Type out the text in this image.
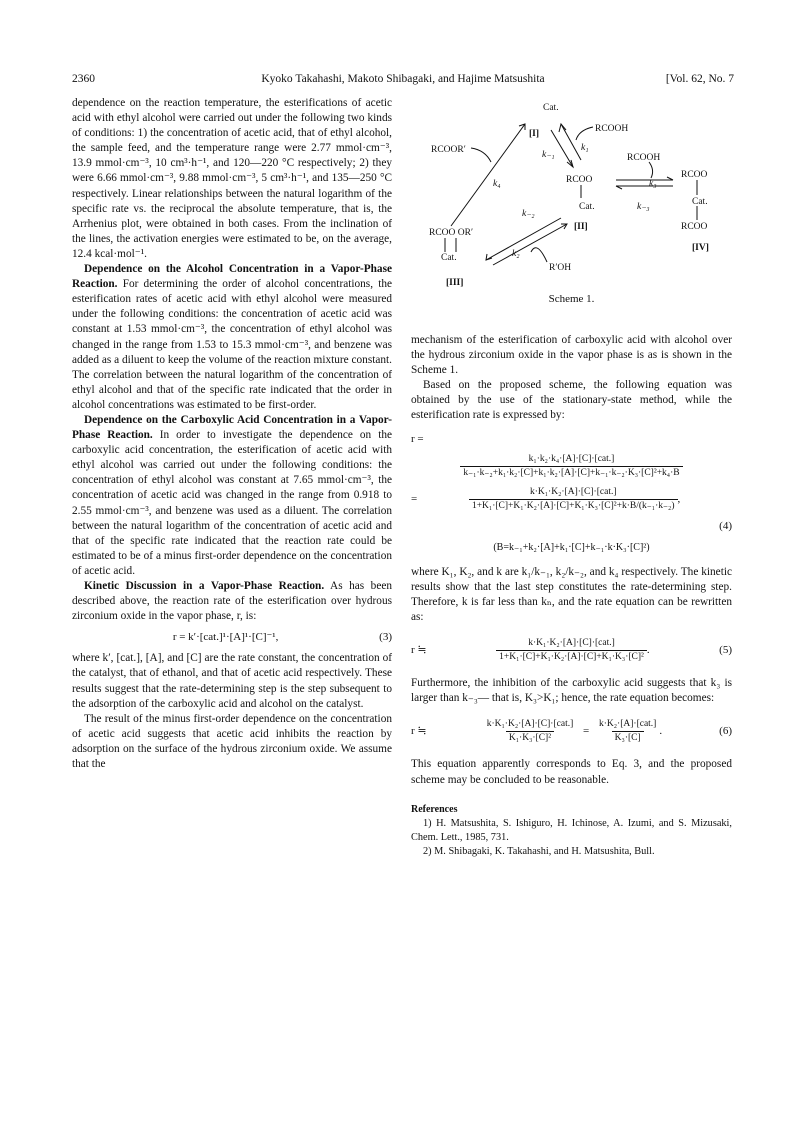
2360	Kyoko Takahashi, Makoto Shibagaki, and Hajime Matsushita	[Vol. 62, No. 7

dependence on the reaction temperature, the esterifications of acetic acid with ethyl alcohol were carried out under the following two kinds of conditions: 1) the concentration of acetic acid, that of ethyl alcohol, the sample feed, and the temperature range were 2.77 mmol·cm⁻³, 13.9 mmol·cm⁻³, 10 cm³·h⁻¹, and 120—220 °C respectively; 2) they were 6.66 mmol·cm⁻³, 9.88 mmol·cm⁻³, 5 cm³·h⁻¹, and 135—250 °C respectively. Linear relationships between the natural logarithm of the specific rate vs. the reciprocal the absolute temperature, that is, the Arrhenius plot, were obtained in both cases. From the inclination of the lines, the activation energies were estimated to be, on the average, 12.4 kcal·mol⁻¹.

Dependence on the Alcohol Concentration in a Vapor-Phase Reaction. For determining the order of alcohol concentrations, the esterification rates of acetic acid with ethyl alcohol were measured under the following conditions: the concentration of acetic acid was constant at 1.53 mmol·cm⁻³, the concentration of ethyl alcohol was changed in the range from 1.53 to 15.3 mmol·cm⁻³, and benzene was added as a diluent to keep the volume of the reaction mixture constant. The correlation between the natural logarithm of the concentration of ethyl alcohol and that of the specific rate indicated that the order in alcohol concentrations was estimated to be first-order.

Dependence on the Carboxylic Acid Concentration in a Vapor-Phase Reaction. In order to investigate the dependence on the carboxylic acid concentration, the esterification of acetic acid with ethyl alcohol was carried out under the following conditions: the concentration of ethyl alcohol was constant at 7.65 mmol·cm⁻³, the concentration of acetic acid was changed in the range from 0.918 to 2.55 mmol·cm⁻³, and benzene was used as a diluent. The correlation between the natural logarithm of the concentration of acetic acid and that of the specific rate indicated that the reaction rate could be estimated to be of a minus first-order dependence on the concentration of acetic acid.

Kinetic Discussion in a Vapor-Phase Reaction. As has been described above, the reaction rate of the esterification over hydrous zirconium oxide in the vapor phase, r, is:

r = k′·[cat.]¹·[A]¹·[C]⁻¹,	(3)

where k′, [cat.], [A], and [C] are the rate constant, the concentration of the catalyst, that of ethanol, and that of acetic acid respectively. These results suggest that the rate-determining step is the step subsequent to the adsorption of the carboxylic acid and alcohol on the catalyst.

The result of the minus first-order dependence on the concentration of acetic acid suggests that acetic acid inhibits the reaction by adsorption on the surface of the hydrous zirconium oxide. We assume that the

Cat.
[I]
RCOOR′
RCOOH
RCOOH
k₋₁
k₁
k₄	RCOO
Cat.
k₃
k₋₃
RCOO
Cat.
RCOO
k₋₂
[II]
RCOO OR′
Cat.	k₂
R′OH
[IV]
[III]
Scheme 1.

mechanism of the esterification of carboxylic acid with alcohol over the hydrous zirconium oxide in the vapor phase is as is shown in the Scheme 1.

Based on the proposed scheme, the following equation was obtained by the use of the stationary-state method, while the esterification rate is expressed by:

r =
$\frac{\text{k₁·k₂·k₄·[A]·[C]·[cat.]}}{\text{k₋₁·k₋₂+k₁·k₂·[C]+k₁·k₂·[A]·[C]+k₋₁·k₋₂·K₃·[C]²+k₄·B}}$
=	$\frac{\text{k·K₁·K₂·[A]·[C]·[cat.]}}{\text{1+K₁·[C]+K₁·K₂·[A]·[C]+K₁·K₃·[C]²+k·B/(k₋₁·k₋₂)}}$ ,
(4)
(B=k₋₁+k₂·[A]+k₁·[C]+k₋₁·k·K₃·[C]²)

where K₁, K₂, and k are k₁/k₋₁, k₂/k₋₂, and k₄ respectively. The kinetic results show that the last step constitutes the rate-determining step. Therefore, k is far less than kₙ, and the rate equation can be rewritten as:

r ≒	$\frac{\text{k·K₁·K₂·[A]·[C]·[cat.]}}{\text{1+K₁·[C]+K₁·K₂·[A]·[C]+K₁·K₃·[C]²}}$ .	(5)

Furthermore, the inhibition of the carboxylic acid suggests that k₃ is larger than k₋₃— that is, K₃>K₁; hence, the rate equation becomes:

r ≒	$\frac{\text{k·K₁·K₂·[A]·[C]·[cat.]}}{\text{K₁·K₃·[C]²}} = \frac{\text{k·K₂·[A]·[cat.]}}{\text{K₃·[C]}}$ .	(6)

This equation apparently corresponds to Eq. 3, and the proposed scheme may be concluded to be reasonable.

References

1) H. Matsushita, S. Ishiguro, H. Ichinose, A. Izumi, and S. Mizusaki, Chem. Lett., 1985, 731.

2) M. Shibagaki, K. Takahashi, and H. Matsushita, Bull.
